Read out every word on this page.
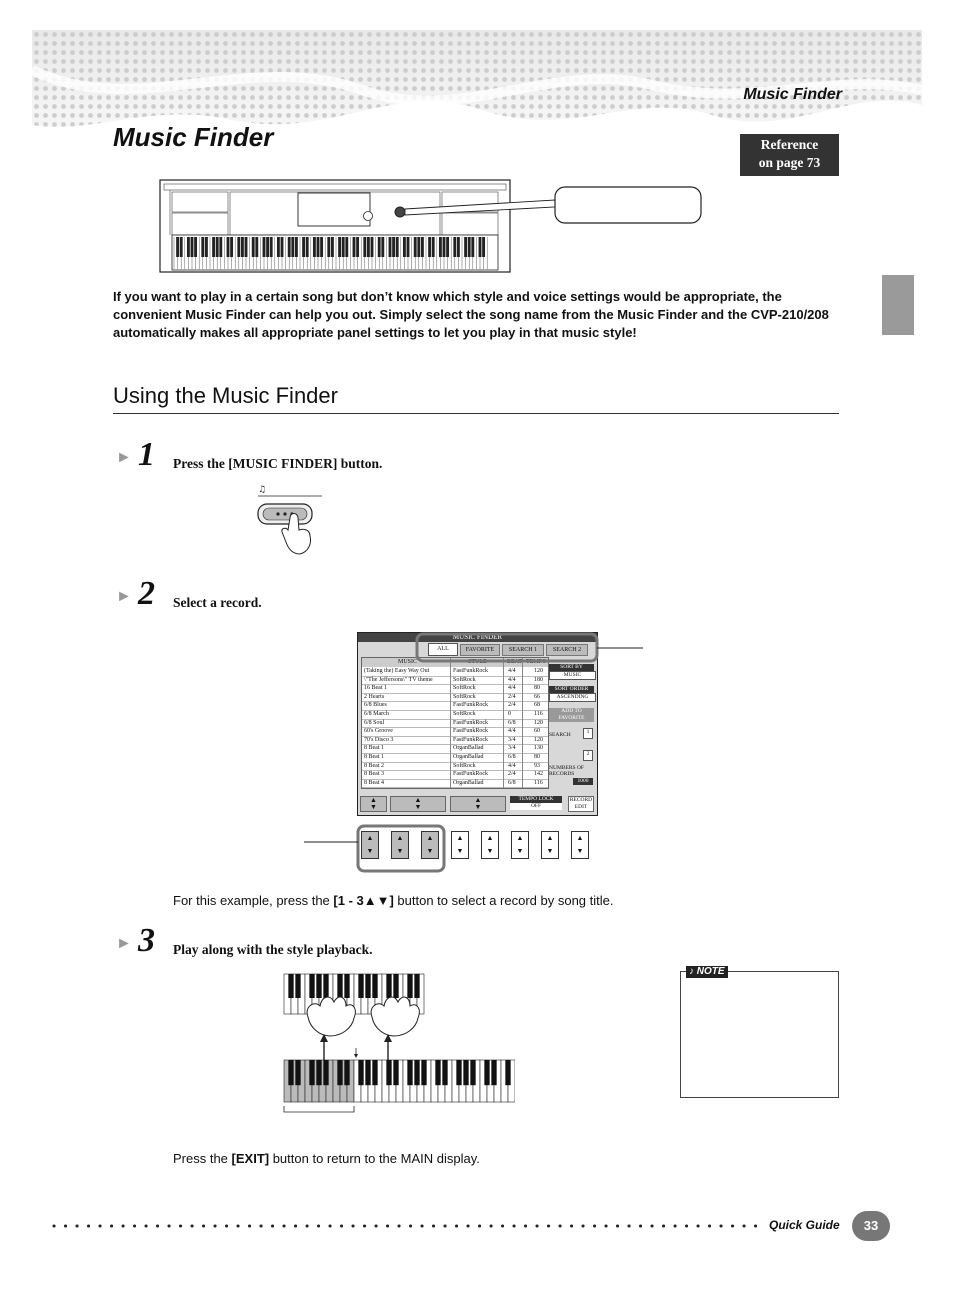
Music Finder
Music Finder	Reference
on page 73
If you want to play in a certain song but don’t know which style and voice settings would be appropriate, the convenient Music Finder can help you out. Simply select the song name from the Music Finder and the CVP-210/208 automatically makes all appropriate panel settings to let you play in that music style!
Using the Music Finder
► 1 Press the [MUSIC FINDER] button.
♫
► 2 Select a record.
MUSIC FINDER
ALL	FAVORITE	SEARCH 1	SEARCH 2
MUSIC	STYLE	BEAT TEMPO
(Taking the) Easy Way Out	FastFunkRock	4/4	120
\"The Jeffersons\" TV theme	SoftRock	4/4	180
16 Beat 1	SoftRock	4/4	80
2 Hearts	SoftRock	2/4	66
6/8 Blues	FastFunkRock	2/4	68
6/8 March	SoftRock	0	116
6/8 Soul	FastFunkRock	6/8	120
60's Groove	FastFunkRock	4/4	60
70's Disco 3	FastFunkRock	3/4	120
8 Beat 1	OrganBallad	3/4	130
8 Beat 1	OrganBallad	6/8	80
8 Beat 2	SoftRock	4/4	93
8 Beat 3	FastFunkRock	2/4	142
8 Beat 4	OrganBallad	6/8	116
SORT BY
MUSIC
SORT ORDER
ASCENDING
ADD TO
FAVORITE
SEARCH	1
2
NUMBERS OF
RECORDS
1000
▲
▼
▲
▼
▲
▼
TEMPO LOCK
OFF
RECORD
EDIT
▲
▼
▲
▼
▲
▼
▲
▼
▲
▼
▲
▼
▲
▼
▲
▼
For this example, press the [1 - 3▲▼] button to select a record by song title.
► 3 Play along with the style playback.
♪ NOTE
Press the [EXIT] button to return to the MAIN display.
Quick Guide	33
